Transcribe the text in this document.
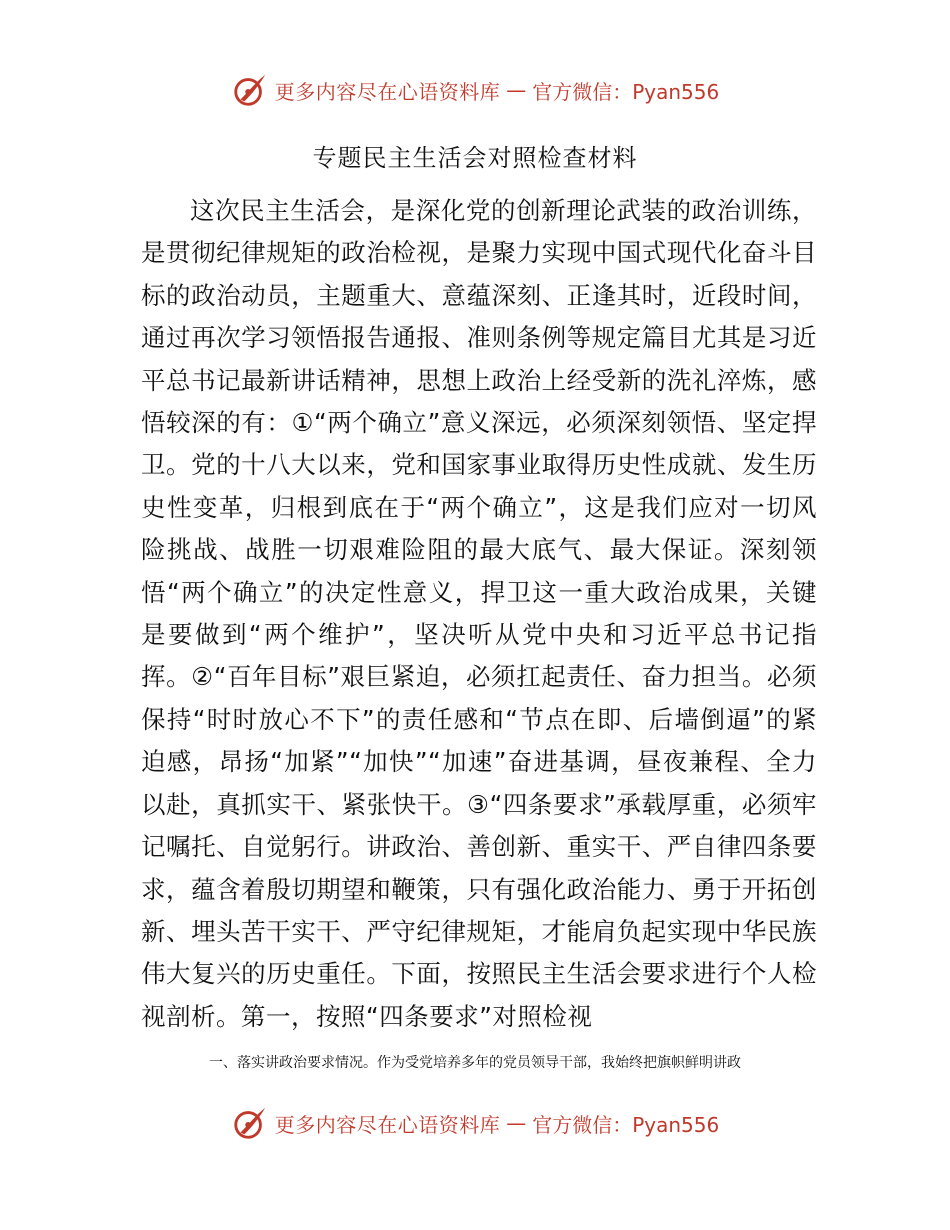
更多内容尽在心语资料库 — 官方微信：Pyan556
专题民主生活会对照检查材料

这次民主生活会，是深化党的创新理论武装的政治训练，是贯彻纪律规矩的政治检视，是聚力实现中国式现代化奋斗目标的政治动员，主题重大、意蕴深刻、正逢其时，近段时间，通过再次学习领悟报告通报、准则条例等规定篇目尤其是习近平总书记最新讲话精神，思想上政治上经受新的洗礼淬炼，感悟较深的有：①“两个确立”意义深远，必须深刻领悟、坚定捍卫。党的十八大以来，党和国家事业取得历史性成就、发生历史性变革，归根到底在于“两个确立”，这是我们应对一切风险挑战、战胜一切艰难险阻的最大底气、最大保证。深刻领悟“两个确立”的决定性意义，捍卫这一重大政治成果，关键是要做到“两个维护”，坚决听从党中央和习近平总书记指挥。②“百年目标”艰巨紧迫，必须扛起责任、奋力担当。必须保持“时时放心不下”的责任感和“节点在即、后墙倒逼”的紧迫感，昂扬“加紧”“加快”“加速”奋进基调，昼夜兼程、全力以赴，真抓实干、紧张快干。③“四条要求”承载厚重，必须牢记嘱托、自觉躬行。讲政治、善创新、重实干、严自律四条要求，蕴含着殷切期望和鞭策，只有强化政治能力、勇于开拓创新、埋头苦干实干、严守纪律规矩，才能肩负起实现中华民族伟大复兴的历史重任。下面，按照民主生活会要求进行个人检视剖析。第一，按照“四条要求”对照检视

一、落实讲政治要求情况。作为受党培养多年的党员领导干部，我始终把旗帜鲜明讲政

更多内容尽在心语资料库 — 官方微信：Pyan556
